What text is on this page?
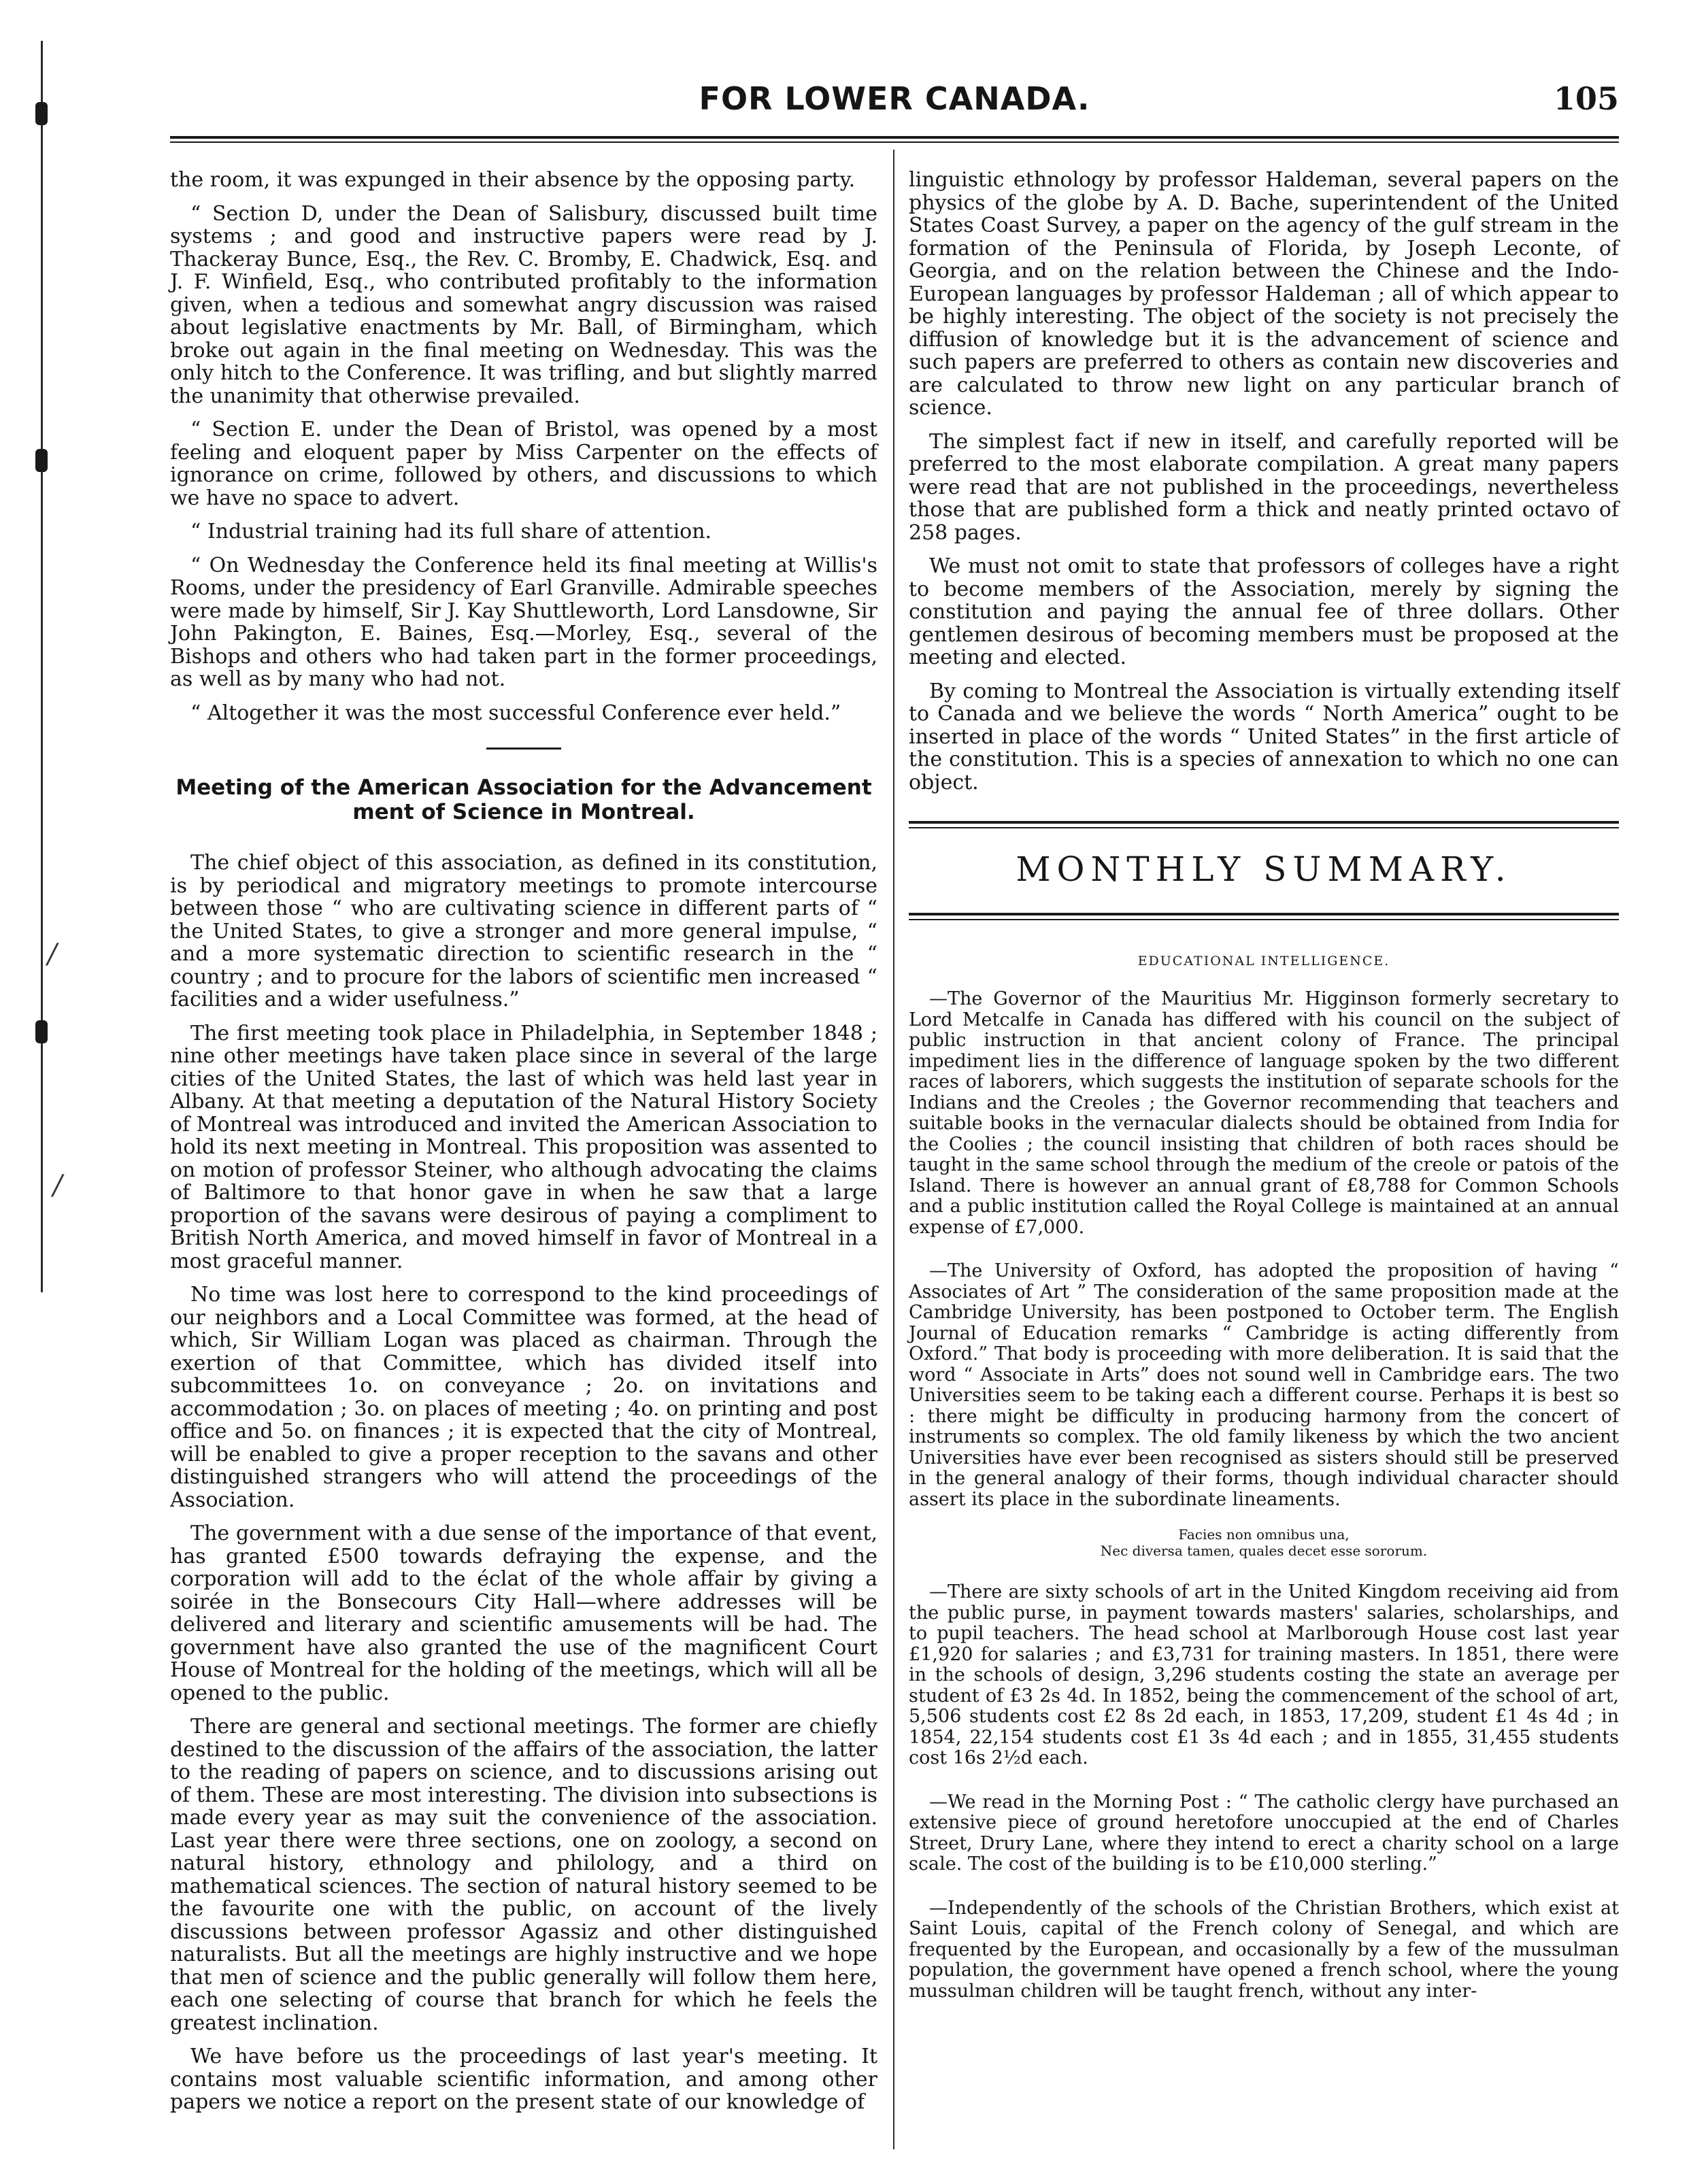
/
/
FOR LOWER CANADA.	105

the room, it was expunged in their absence by the opposing party.

“ Section D, under the Dean of Salisbury, discussed built time systems ; and good and instructive papers were read by J. Thackeray Bunce, Esq., the Rev. C. Bromby, E. Chadwick, Esq. and J. F. Winfield, Esq., who contributed profitably to the information given, when a tedious and somewhat angry discussion was raised about legislative enactments by Mr. Ball, of Birmingham, which broke out again in the final meeting on Wednesday. This was the only hitch to the Conference. It was trifling, and but slightly marred the unanimity that otherwise prevailed.

“ Section E. under the Dean of Bristol, was opened by a most feeling and eloquent paper by Miss Carpenter on the effects of ignorance on crime, followed by others, and discussions to which we have no space to advert.

“ Industrial training had its full share of attention.

“ On Wednesday the Conference held its final meeting at Willis's Rooms, under the presidency of Earl Granville. Admirable speeches were made by himself, Sir J. Kay Shuttleworth, Lord Lansdowne, Sir John Pakington, E. Baines, Esq.—Morley, Esq., several of the Bishops and others who had taken part in the former proceedings, as well as by many who had not.

“ Altogether it was the most successful Conference ever held.”

Meeting of the American Association for the Advancement
ment of Science in Montreal.

The chief object of this association, as defined in its constitution, is by periodical and migratory meetings to promote intercourse between those “ who are cultivating science in different parts of “ the United States, to give a stronger and more general impulse, “ and a more systematic direction to scientific research in the “ country ; and to procure for the labors of scientific men increased “ facilities and a wider usefulness.”

The first meeting took place in Philadelphia, in September 1848 ; nine other meetings have taken place since in several of the large cities of the United States, the last of which was held last year in Albany. At that meeting a deputation of the Natural History Society of Montreal was introduced and invited the American Association to hold its next meeting in Montreal. This proposition was assented to on motion of professor Steiner, who although advocating the claims of Baltimore to that honor gave in when he saw that a large proportion of the savans were desirous of paying a compliment to British North America, and moved himself in favor of Montreal in a most graceful manner.

No time was lost here to correspond to the kind proceedings of our neighbors and a Local Committee was formed, at the head of which, Sir William Logan was placed as chairman. Through the exertion of that Committee, which has divided itself into subcommittees 1o. on conveyance ; 2o. on invitations and accommodation ; 3o. on places of meeting ; 4o. on printing and post office and 5o. on finances ; it is expected that the city of Montreal, will be enabled to give a proper reception to the savans and other distinguished strangers who will attend the proceedings of the Association.

The government with a due sense of the importance of that event, has granted £500 towards defraying the expense, and the corporation will add to the éclat of the whole affair by giving a soirée in the Bonsecours City Hall—where addresses will be delivered and literary and scientific amusements will be had. The government have also granted the use of the magnificent Court House of Montreal for the holding of the meetings, which will all be opened to the public.

There are general and sectional meetings. The former are chiefly destined to the discussion of the affairs of the association, the latter to the reading of papers on science, and to discussions arising out of them. These are most interesting. The division into subsections is made every year as may suit the convenience of the association. Last year there were three sections, one on zoology, a second on natural history, ethnology and philology, and a third on mathematical sciences. The section of natural history seemed to be the favourite one with the public, on account of the lively discussions between professor Agassiz and other distinguished naturalists. But all the meetings are highly instructive and we hope that men of science and the public generally will follow them here, each one selecting of course that branch for which he feels the greatest inclination.

We have before us the proceedings of last year's meeting. It contains most valuable scientific information, and among other papers we notice a report on the present state of our knowledge of

linguistic ethnology by professor Haldeman, several papers on the physics of the globe by A. D. Bache, superintendent of the United States Coast Survey, a paper on the agency of the gulf stream in the formation of the Peninsula of Florida, by Joseph Leconte, of Georgia, and on the relation between the Chinese and the Indo-European languages by professor Haldeman ; all of which appear to be highly interesting. The object of the society is not precisely the diffusion of knowledge but it is the advancement of science and such papers are preferred to others as contain new discoveries and are calculated to throw new light on any particular branch of science.

The simplest fact if new in itself, and carefully reported will be preferred to the most elaborate compilation. A great many papers were read that are not published in the proceedings, nevertheless those that are published form a thick and neatly printed octavo of 258 pages.

We must not omit to state that professors of colleges have a right to become members of the Association, merely by signing the constitution and paying the annual fee of three dollars. Other gentlemen desirous of becoming members must be proposed at the meeting and elected.

By coming to Montreal the Association is virtually extending itself to Canada and we believe the words “ North America” ought to be inserted in place of the words “ United States” in the first article of the constitution. This is a species of annexation to which no one can object.

MONTHLY SUMMARY.
EDUCATIONAL INTELLIGENCE.

—The Governor of the Mauritius Mr. Higginson formerly secretary to Lord Metcalfe in Canada has differed with his council on the subject of public instruction in that ancient colony of France. The principal impediment lies in the difference of language spoken by the two different races of laborers, which suggests the institution of separate schools for the Indians and the Creoles ; the Governor recommending that teachers and suitable books in the vernacular dialects should be obtained from India for the Coolies ; the council insisting that children of both races should be taught in the same school through the medium of the creole or patois of the Island. There is however an annual grant of £8,788 for Common Schools and a public institution called the Royal College is maintained at an annual expense of £7,000.

—The University of Oxford, has adopted the proposition of having “ Associates of Art ” The consideration of the same proposition made at the Cambridge University, has been postponed to October term. The English Journal of Education remarks “ Cambridge is acting differently from Oxford.” That body is proceeding with more deliberation. It is said that the word “ Associate in Arts” does not sound well in Cambridge ears. The two Universities seem to be taking each a different course. Perhaps it is best so : there might be difficulty in producing harmony from the concert of instruments so complex. The old family likeness by which the two ancient Universities have ever been recognised as sisters should still be preserved in the general analogy of their forms, though individual character should assert its place in the subordinate lineaments.

Facies non omnibus una,
Nec diversa tamen, quales decet esse sororum.

—There are sixty schools of art in the United Kingdom receiving aid from the public purse, in payment towards masters' salaries, scholarships, and to pupil teachers. The head school at Marlborough House cost last year £1,920 for salaries ; and £3,731 for training masters. In 1851, there were in the schools of design, 3,296 students costing the state an average per student of £3 2s 4d. In 1852, being the commencement of the school of art, 5,506 students cost £2 8s 2d each, in 1853, 17,209, student £1 4s 4d ; in 1854, 22,154 students cost £1 3s 4d each ; and in 1855, 31,455 students cost 16s 2½d each.

—We read in the Morning Post : “ The catholic clergy have purchased an extensive piece of ground heretofore unoccupied at the end of Charles Street, Drury Lane, where they intend to erect a charity school on a large scale. The cost of the building is to be £10,000 sterling.”

—Independently of the schools of the Christian Brothers, which exist at Saint Louis, capital of the French colony of Senegal, and which are frequented by the European, and occasionally by a few of the mussulman population, the government have opened a french school, where the young mussulman children will be taught french, without any inter-
